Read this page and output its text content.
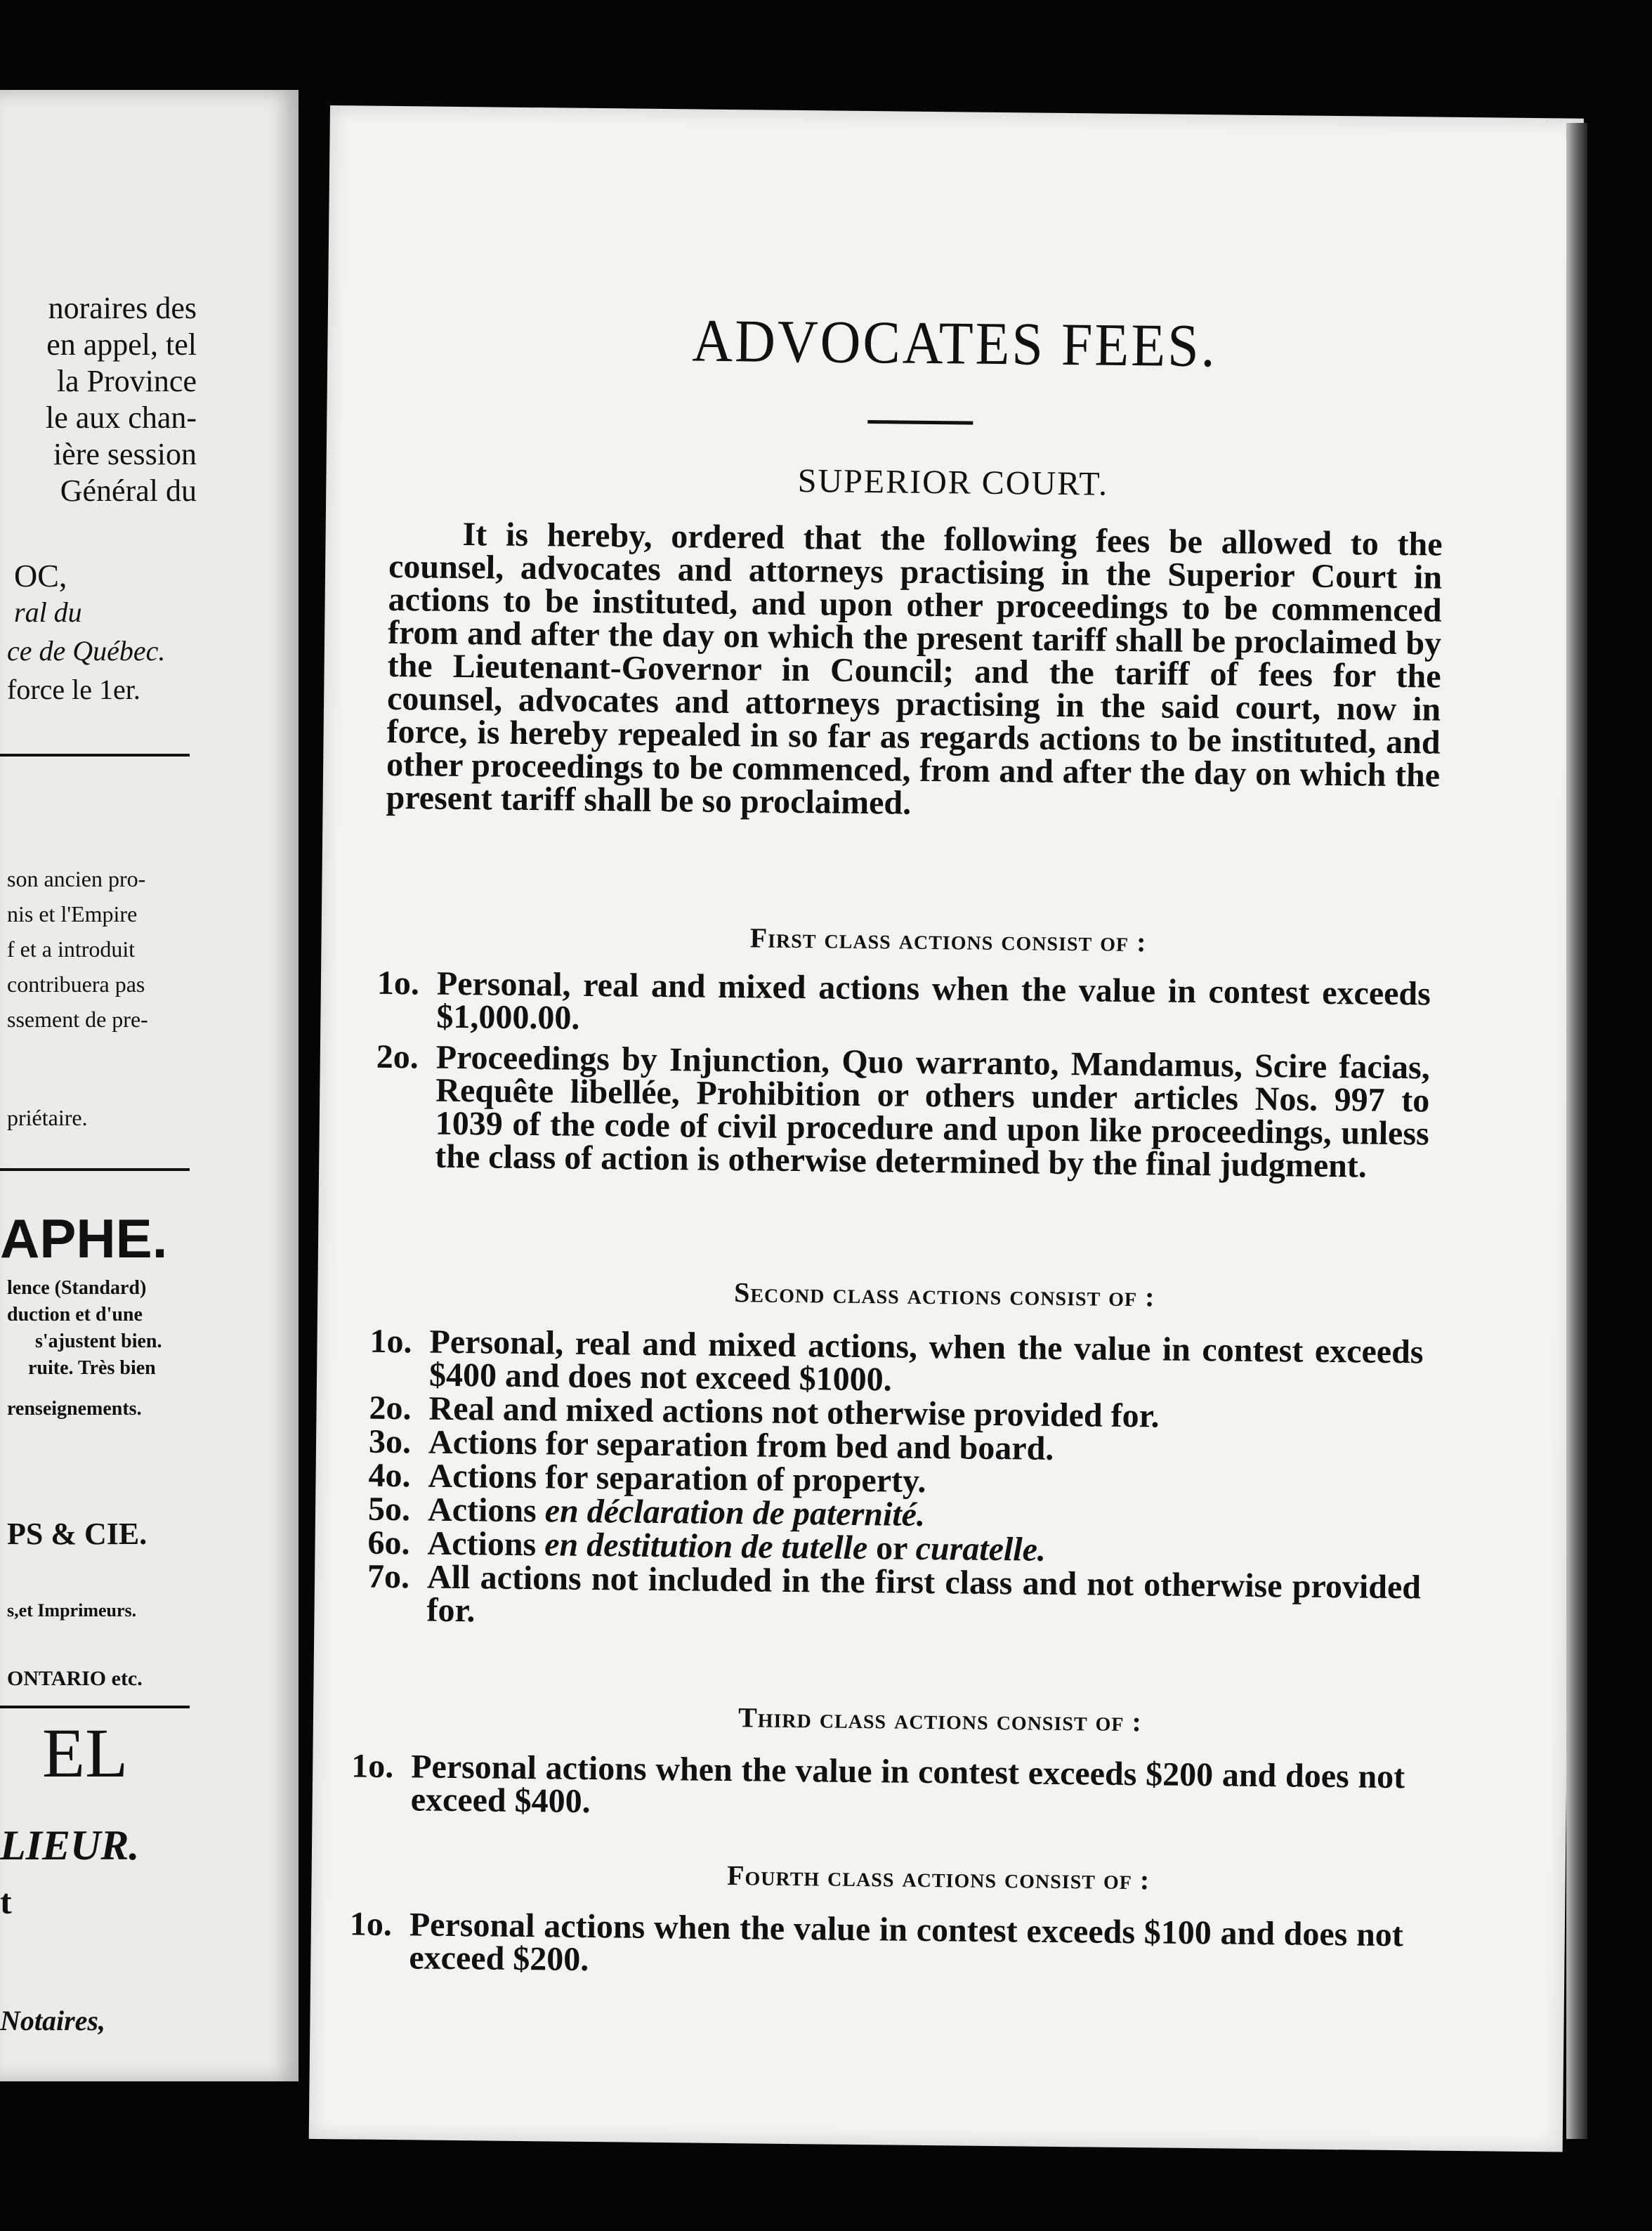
noraires des
en appel, tel
la Province
le aux chan-
ière session
Général du
OC,
ral du
ce de Québec.
force le 1er.
son ancien pro-
nis et l'Empire
f et a introduit
contribuera pas
ssement de pre-
priétaire.
APHE.
lence (Standard)
duction et d'une
s'ajustent bien.
ruite. Très bien
renseignements.
PS & CIE.
s,et Imprimeurs.
ONTARIO etc.
EL
LIEUR.
t
Notaires,
ADVOCATES FEES.
SUPERIOR COURT.
It is hereby, ordered that the following fees be allowed to the counsel, advocates and attorneys practising in the Superior Court in actions to be instituted, and upon other proceedings to be commenced from and after the day on which the present tariff shall be proclaimed by the Lieutenant-Governor in Council; and the tariff of fees for the counsel, advocates and attorneys practising in the said court, now in force, is hereby repealed in so far as regards actions to be instituted, and other proceedings to be commenced, from and after the day on which the present tariff shall be so proclaimed.
First class actions consist of :
1o. Personal, real and mixed actions when the value in contest exceeds $1,000.00.
2o. Proceedings by Injunction, Quo warranto, Mandamus, Scire facias, Requête libellée, Prohibition or others under articles Nos. 997 to 1039 of the code of civil procedure and upon like proceedings, unless the class of action is otherwise determined by the final judgment.
Second class actions consist of :
1o. Personal, real and mixed actions, when the value in contest exceeds $400 and does not exceed $1000.
2o. Real and mixed actions not otherwise provided for.
3o. Actions for separation from bed and board.
4o. Actions for separation of property.
5o. Actions en déclaration de paternité.
6o. Actions en destitution de tutelle or curatelle.
7o. All actions not included in the first class and not otherwise provided for.
Third class actions consist of :
1o. Personal actions when the value in contest exceeds $200 and does not exceed $400.
Fourth class actions consist of :
1o. Personal actions when the value in contest exceeds $100 and does not exceed $200.
